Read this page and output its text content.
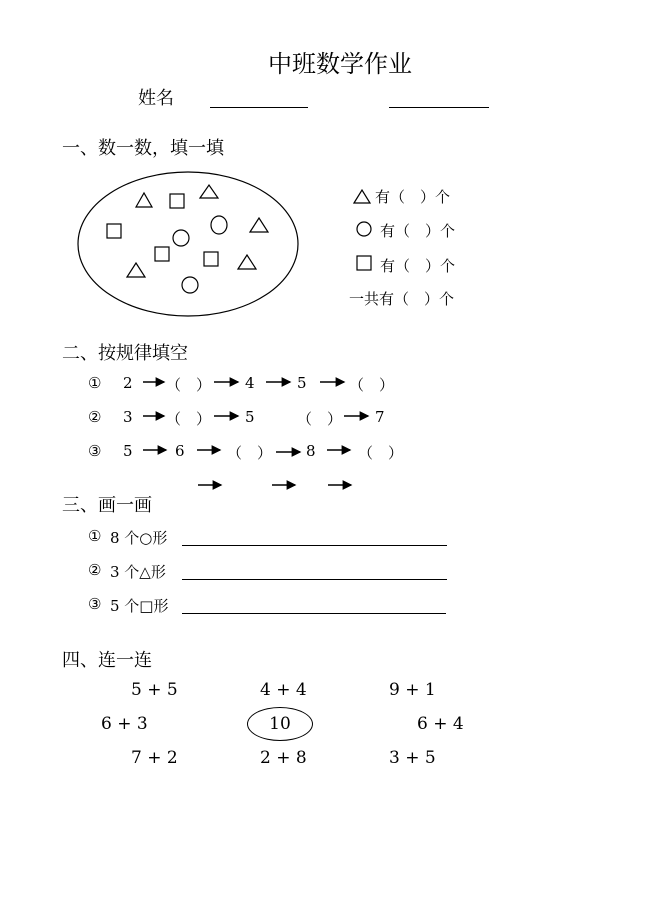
中班数学作业
姓名
一、数一数，填一填
有（　）个
有（　）个
有（　）个
一共有（　）个
二、按规律填空
① 2 （　） 4	5	（　）
② 3 （　） 5	（　） 7
③ 5	6	（　） 8	（　）
三、画一画
① 8 个○形
② 3 个△形
③ 5 个□形
四、连一连
5 + 5	4 + 4	9 + 1
6 + 3	10	6 + 4
7 + 2	2 + 8	3 + 5
